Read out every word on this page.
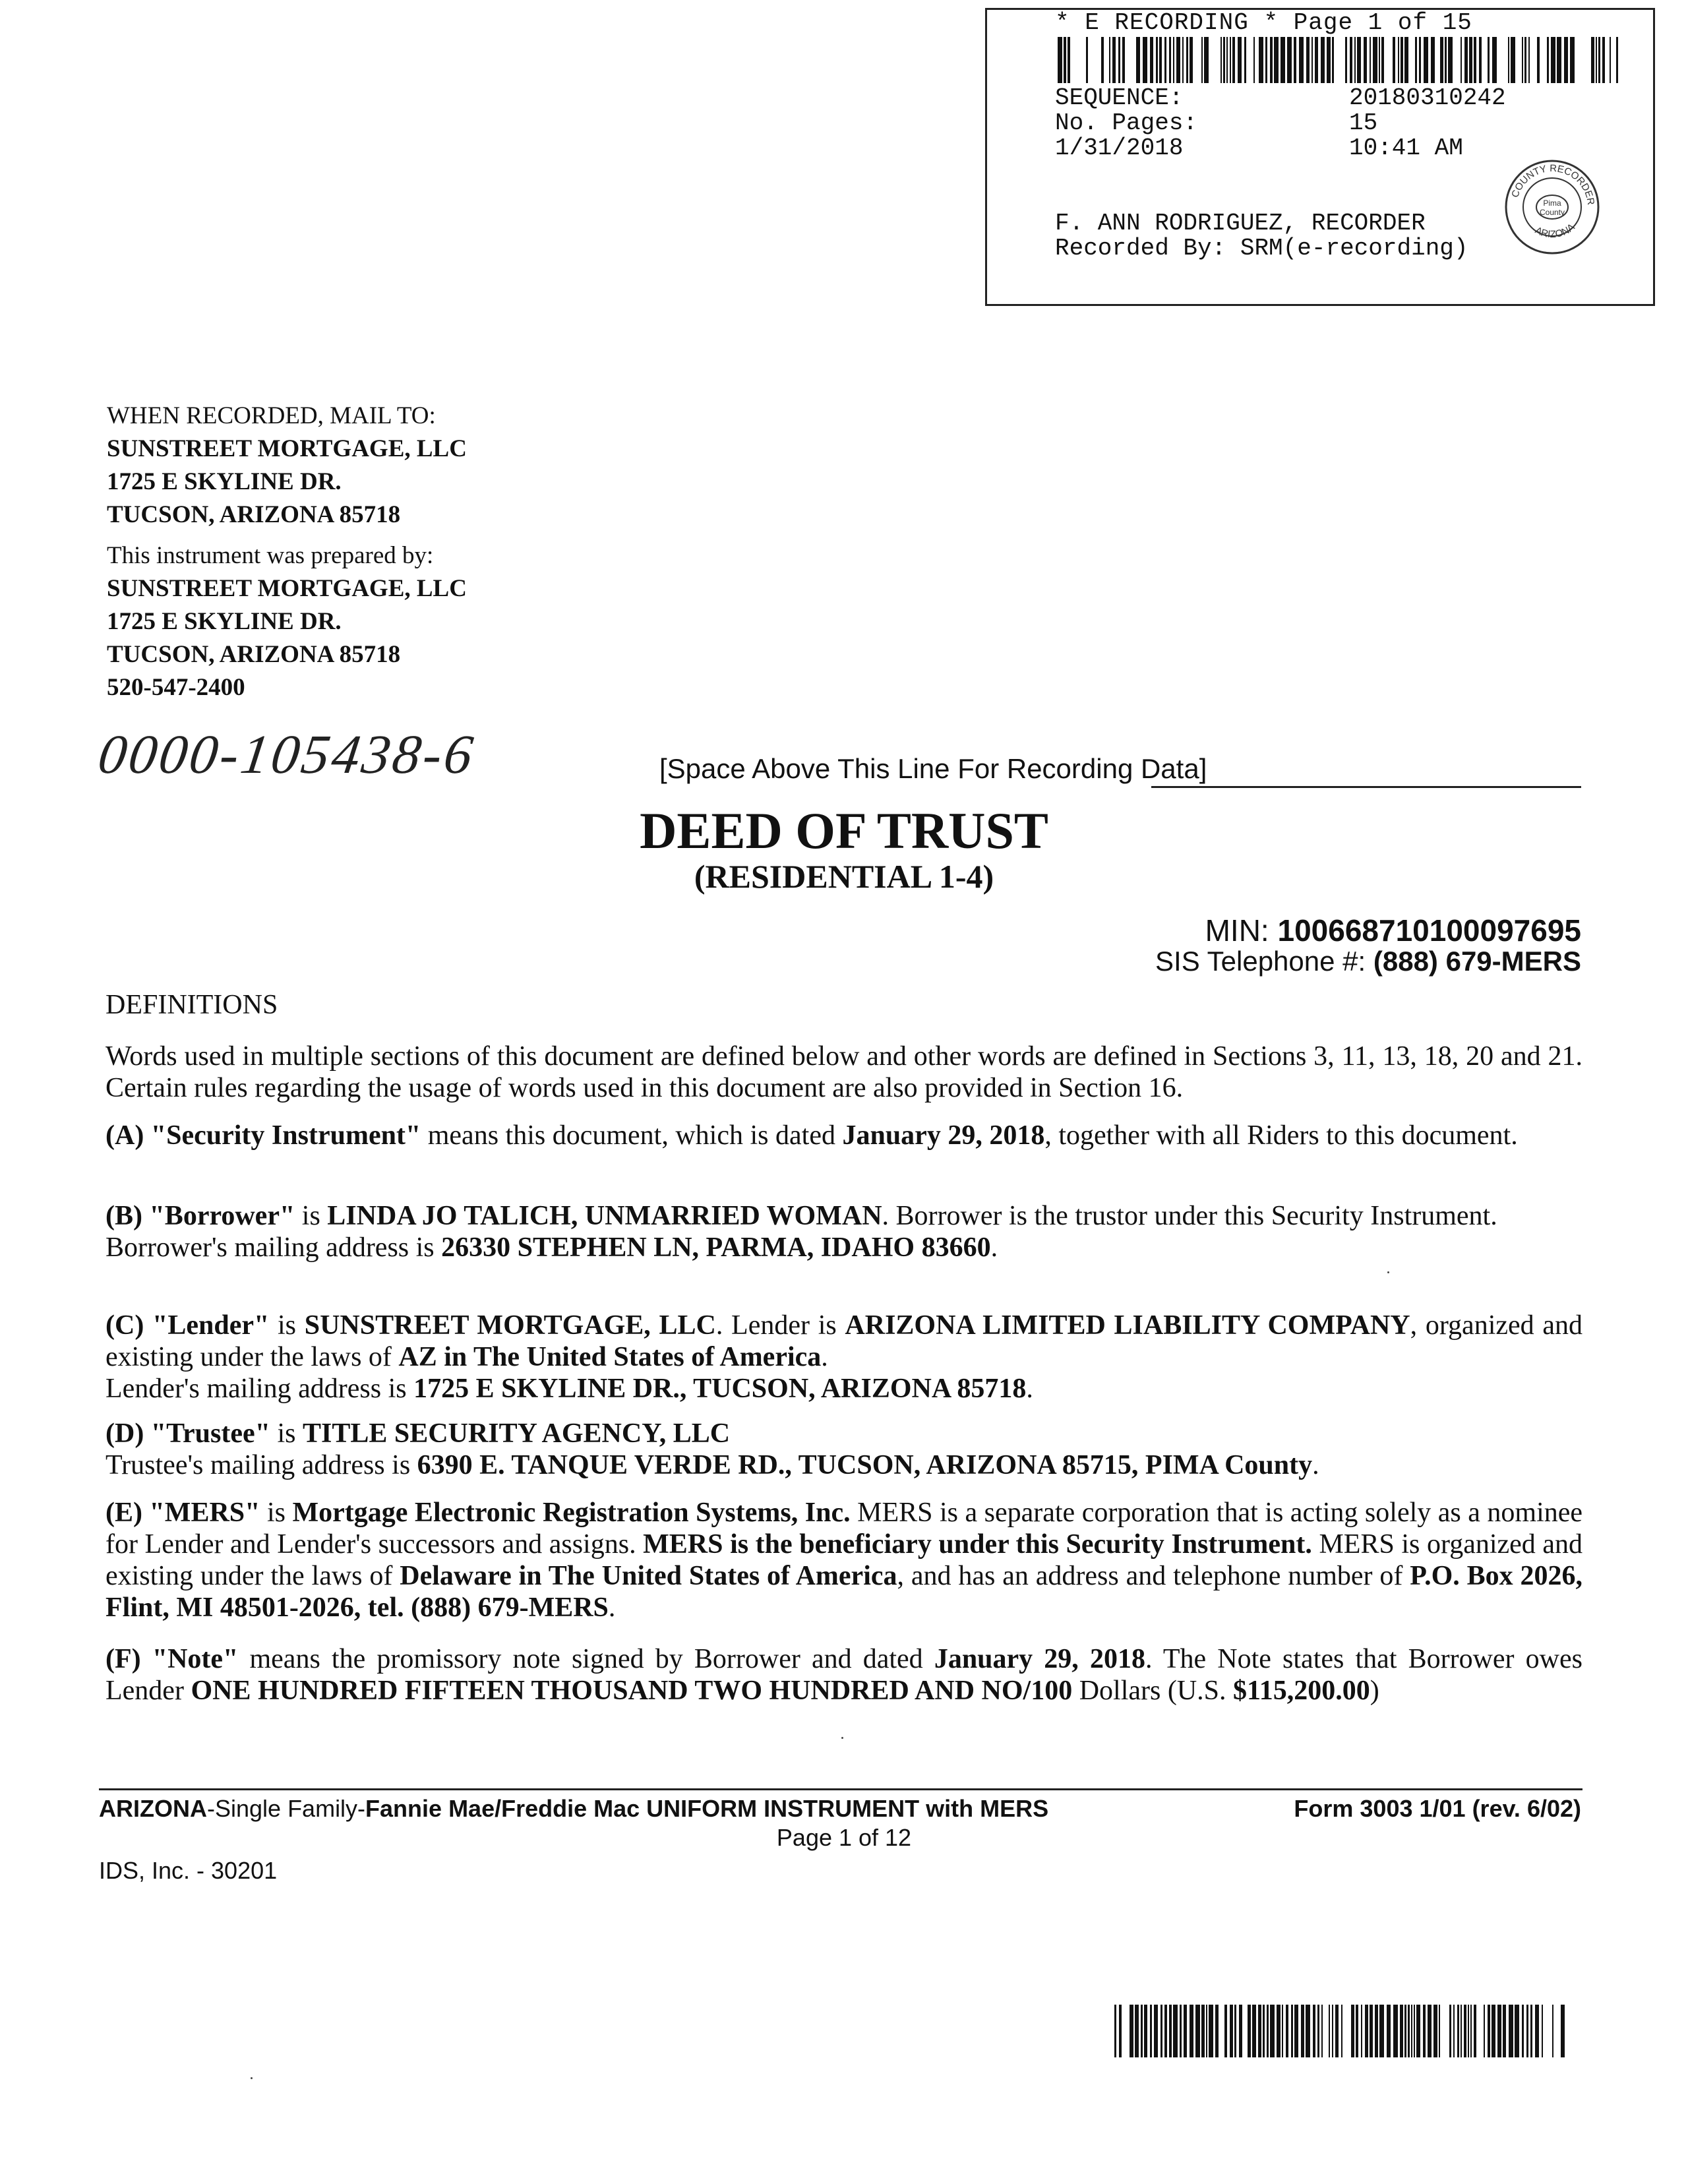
* E RECORDING * Page 1 of 15
SEQUENCE:	20180310242
No. Pages:	15
1/31/2018	10:41 AM
F. ANN RODRIGUEZ, RECORDER
Recorded By: SRM(e-recording)
COUNTY RECORDER
ARIZONA
Pima
County
WHEN RECORDED, MAIL TO:
SUNSTREET MORTGAGE, LLC
1725 E SKYLINE DR.
TUCSON, ARIZONA 85718
This instrument was prepared by:
SUNSTREET MORTGAGE, LLC
1725 E SKYLINE DR.
TUCSON, ARIZONA 85718
520-547-2400
0000-105438-6	[Space Above This Line For Recording Data]
DEED OF TRUST
(RESIDENTIAL 1-4)
MIN: 100668710100097695
SIS Telephone #: (888) 679-MERS
DEFINITIONS
Words used in multiple sections of this document are defined below and other words are defined in Sections 3, 11, 13, 18, 20 and 21. Certain rules regarding the usage of words used in this document are also provided in Section 16.

(A) "Security Instrument" means this document, which is dated January 29, 2018, together with all Riders to this document.

(B) "Borrower" is LINDA JO TALICH, UNMARRIED WOMAN. Borrower is the trustor under this Security Instrument.

Borrower's mailing address is 26330 STEPHEN LN, PARMA, IDAHO 83660.

(C) "Lender" is SUNSTREET MORTGAGE, LLC. Lender is ARIZONA LIMITED LIABILITY COMPANY, organized and existing under the laws of AZ in The United States of America.

Lender's mailing address is 1725 E SKYLINE DR., TUCSON, ARIZONA 85718.

(D) "Trustee" is TITLE SECURITY AGENCY, LLC

Trustee's mailing address is 6390 E. TANQUE VERDE RD., TUCSON, ARIZONA 85715, PIMA County.

(E) "MERS" is Mortgage Electronic Registration Systems, Inc. MERS is a separate corporation that is acting solely as a nominee for Lender and Lender's successors and assigns. MERS is the beneficiary under this Security Instrument. MERS is organized and existing under the laws of Delaware in The United States of America, and has an address and telephone number of P.O. Box 2026, Flint, MI 48501-2026, tel. (888) 679-MERS.

(F) "Note" means the promissory note signed by Borrower and dated January 29, 2018. The Note states that Borrower owes Lender ONE HUNDRED FIFTEEN THOUSAND TWO HUNDRED AND NO/100 Dollars (U.S. $115,200.00)

ARIZONA-Single Family-Fannie Mae/Freddie Mac UNIFORM INSTRUMENT with MERS	Form 3003 1/01 (rev. 6/02)
Page 1 of 12
IDS, Inc. - 30201
